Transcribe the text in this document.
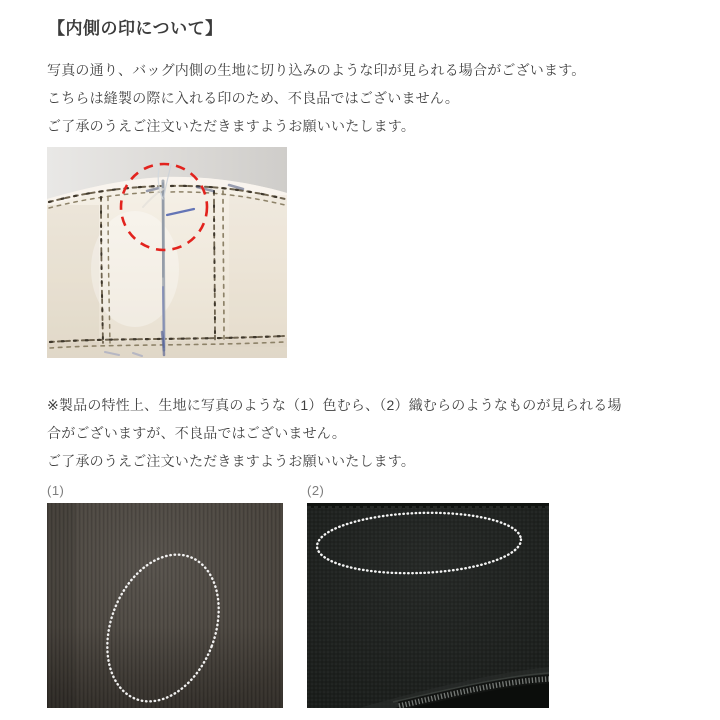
【内側の印について】
写真の通り、バッグ内側の生地に切り込みのような印が見られる場合がございます。
こちらは縫製の際に入れる印のため、不良品ではございません。
ご了承のうえご注文いただきますようお願いいたします。
※製品の特性上、生地に写真のような（1）色むら、（2）織むらのようなものが見られる場
合がございますが、不良品ではございません。
ご了承のうえご注文いただきますようお願いいたします。
(1)	(2)
